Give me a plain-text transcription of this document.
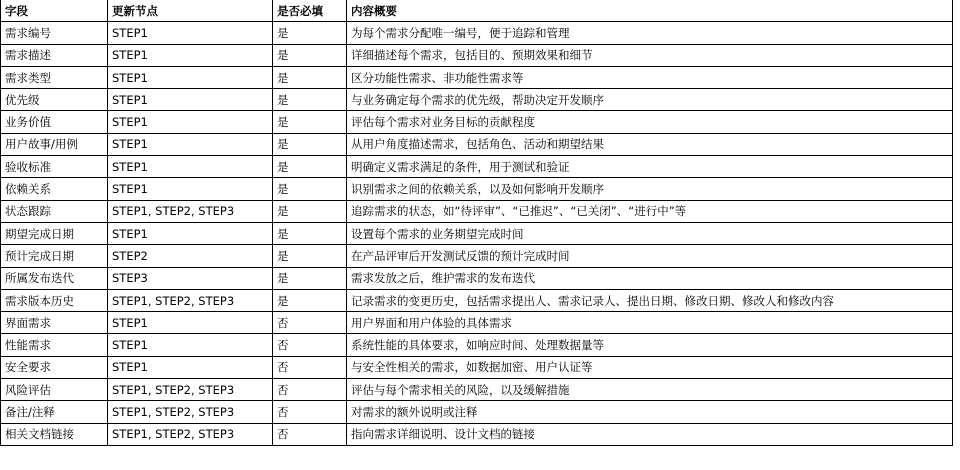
字段	更新节点	是否必填	内容概要
需求编号	STEP1	是	为每个需求分配唯一编号，便于追踪和管理
需求描述	STEP1	是	详细描述每个需求，包括目的、预期效果和细节
需求类型	STEP1	是	区分功能性需求、非功能性需求等
优先级	STEP1	是	与业务确定每个需求的优先级，帮助决定开发顺序
业务价值	STEP1	是	评估每个需求对业务目标的贡献程度
用户故事/用例	STEP1	是	从用户角度描述需求，包括角色、活动和期望结果
验收标准	STEP1	是	明确定义需求满足的条件，用于测试和验证
依赖关系	STEP1	是	识别需求之间的依赖关系，以及如何影响开发顺序
状态跟踪	STEP1, STEP2, STEP3	是	追踪需求的状态，如“待评审”、“已推迟”、“已关闭”、“进行中”等
期望完成日期	STEP1	是	设置每个需求的业务期望完成时间
预计完成日期	STEP2	是	在产品评审后开发测试反馈的预计完成时间
所属发布迭代	STEP3	是	需求发放之后，维护需求的发布迭代
需求版本历史	STEP1, STEP2, STEP3	是	记录需求的变更历史，包括需求提出人、需求记录人、提出日期、修改日期、修改人和修改内容
界面需求	STEP1	否	用户界面和用户体验的具体需求
性能需求	STEP1	否	系统性能的具体要求，如响应时间、处理数据量等
安全要求	STEP1	否	与安全性相关的需求，如数据加密、用户认证等
风险评估	STEP1, STEP2, STEP3	否	评估与每个需求相关的风险，以及缓解措施
备注/注释	STEP1, STEP2, STEP3	否	对需求的额外说明或注释
相关文档链接	STEP1, STEP2, STEP3	否	指向需求详细说明、设计文档的链接
